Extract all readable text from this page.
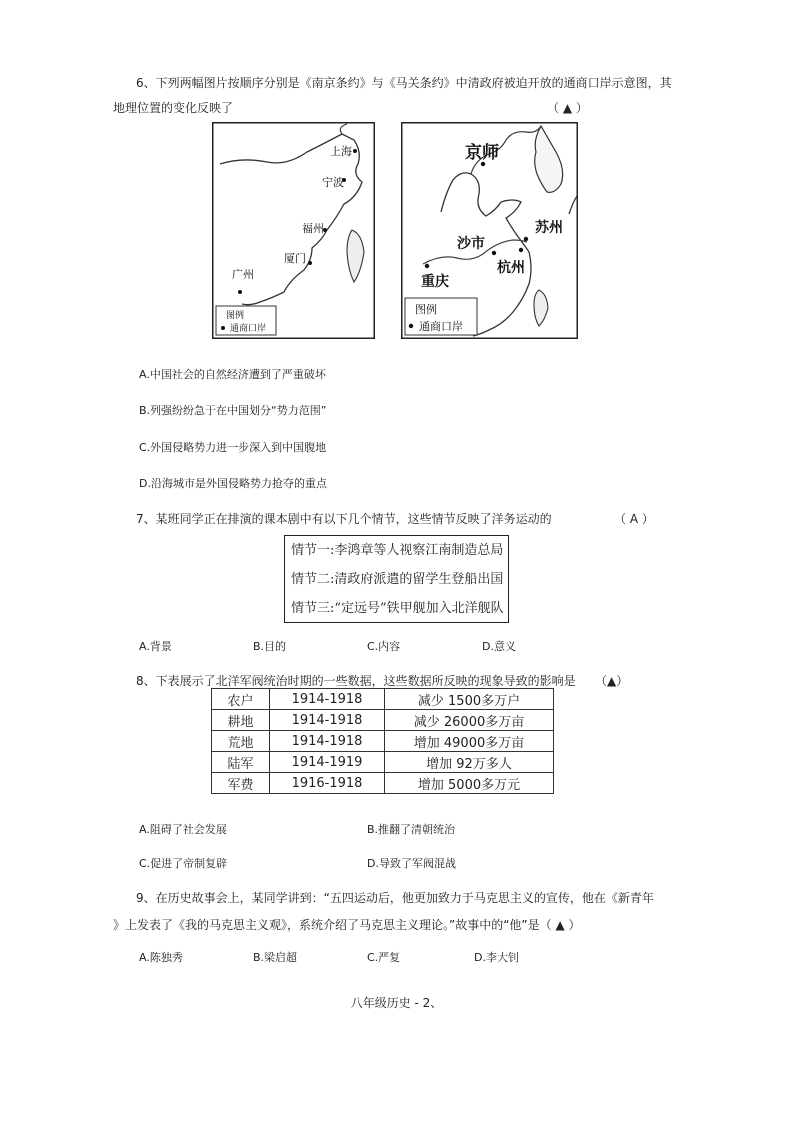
6、下列两幅图片按顺序分别是《南京条约》与《马关条约》中清政府被迫开放的通商口岸示意图，其
地理位置的变化反映了	（ ▲ ）
上海
宁波
福州
厦门
广州
图例
通商口岸
京师
苏州
沙市
杭州
重庆
图例
通商口岸
A.中国社会的自然经济遭到了严重破坏
B.列强纷纷急于在中国划分“势力范围”
C.外国侵略势力进一步深入到中国腹地
D.沿海城市是外国侵略势力抢夺的重点
7、某班同学正在排演的课本剧中有以下几个情节，这些情节反映了洋务运动的	（ A ）
情节一:李鸿章等人视察江南制造总局
情节二:清政府派遣的留学生登船出国
情节三:“定远号”铁甲舰加入北洋舰队
A.背景	B.目的	C.内容	D.意义
8、下表展示了北洋军阀统治时期的一些数据，这些数据所反映的现象导致的影响是 （▲）
农户	1914-1918	减少 1500多万户
耕地	1914-1918	减少 26000多万亩
荒地	1914-1918	增加 49000多万亩
陆军	1914-1919	增加 92万多人
军费	1916-1918	增加 5000多万元
A.阻碍了社会发展	B.推翻了清朝统治
C.促进了帝制复辟	D.导致了军阀混战
9、在历史故事会上，某同学讲到：“五四运动后，他更加致力于马克思主义的宣传，他在《新青年
》上发表了《我的马克思主义观》，系统介绍了马克思主义理论。”故事中的“他”是（ ▲ ）
A.陈独秀	B.梁启超	C.严复	D.李大钊
八年级历史 - 2、
